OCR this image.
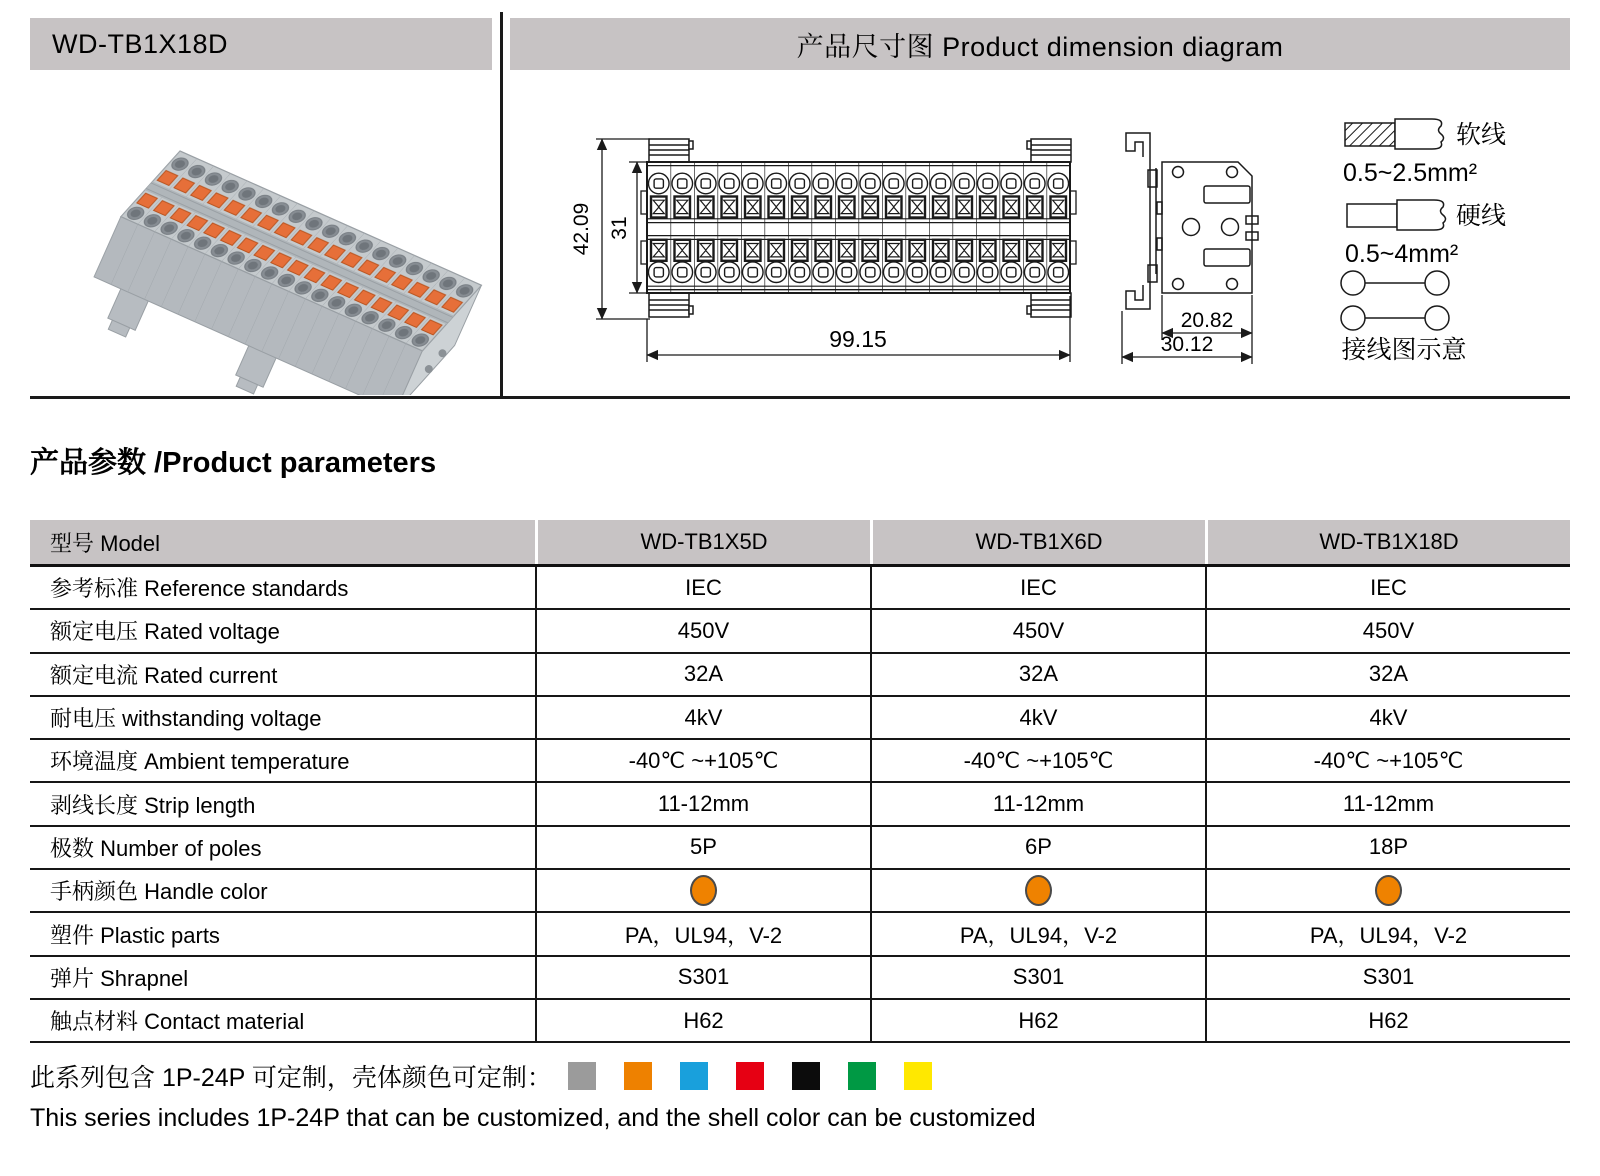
WD-TB1X18D	产品尺寸图 Product dimension diagram
42.09 31
99.15
20.82
30.12
软线
0.5~2.5mm²
硬线
0.5~4mm²
接线图示意
产品参数 /Product parameters
型号 Model	WD-TB1X5D	WD-TB1X6D	WD-TB1X18D
参考标准 Reference standards	IEC	IEC	IEC
额定电压 Rated voltage	450V	450V	450V
额定电流 Rated current	32A	32A	32A
耐电压 withstanding voltage	4kV	4kV	4kV
环境温度 Ambient temperature	-40℃ ~+105℃	-40℃ ~+105℃	-40℃ ~+105℃
剥线长度 Strip length	11-12mm	11-12mm	11-12mm
极数 Number of poles	5P	6P	18P
手柄颜色 Handle color
塑件 Plastic parts	PA，UL94，V-2	PA，UL94，V-2	PA，UL94，V-2
弹片 Shrapnel	S301	S301	S301
触点材料 Contact material	H62	H62	H62
此系列包含 1P-24P 可定制，壳体颜色可定制：
This series includes 1P-24P that can be customized, and the shell color can be customized
